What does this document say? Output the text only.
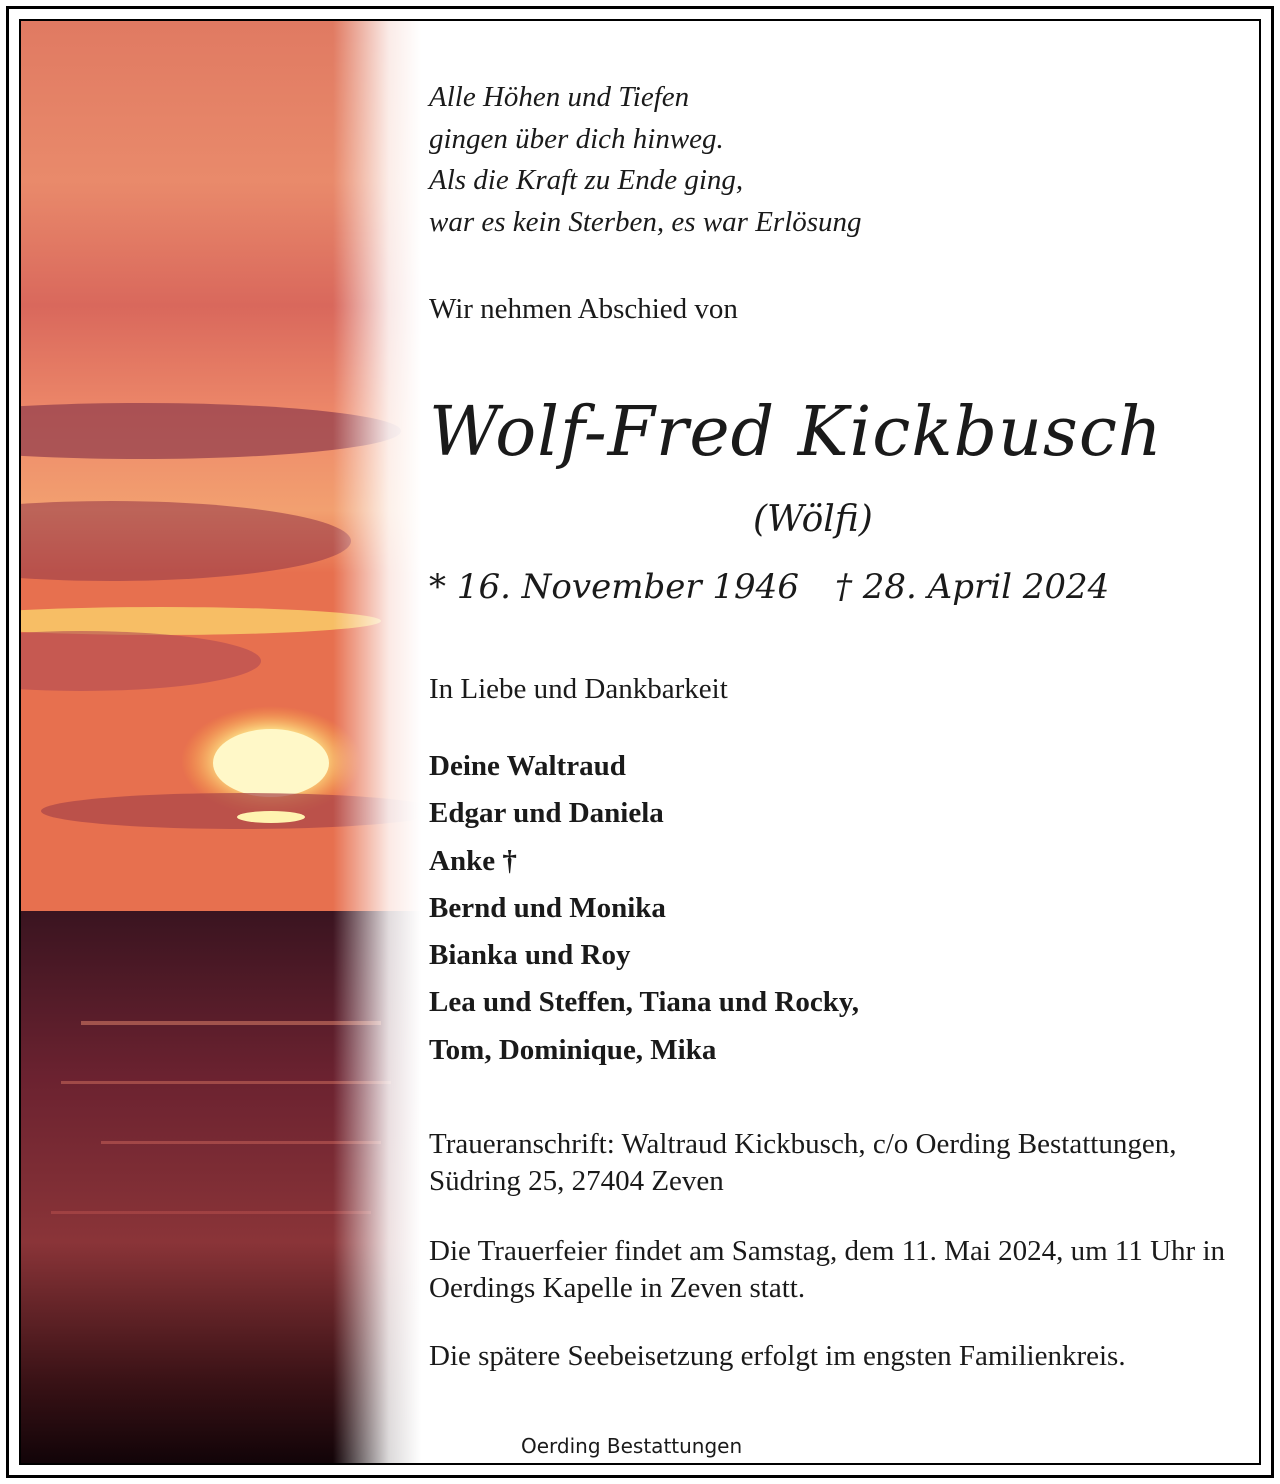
Alle Höhen und Tiefen
gingen über dich hinweg.
Als die Kraft zu Ende ging,
war es kein Sterben, es war Erlösung
Wir nehmen Abschied von
Wolf-Fred Kickbusch
(Wölfi)
* 16. November 1946 † 28. April 2024
In Liebe und Dankbarkeit
Deine Waltraud
Edgar und Daniela
Anke †
Bernd und Monika
Bianka und Roy
Lea und Steffen, Tiana und Rocky,
Tom, Dominique, Mika
Traueranschrift: Waltraud Kickbusch, c/o Oerding Bestattungen, Südring 25, 27404 Zeven
Die Trauerfeier findet am Samstag, dem 11. Mai 2024, um 11 Uhr in Oerdings Kapelle in Zeven statt.
Die spätere Seebeisetzung erfolgt im engsten Familienkreis.
Oerding Bestattungen
